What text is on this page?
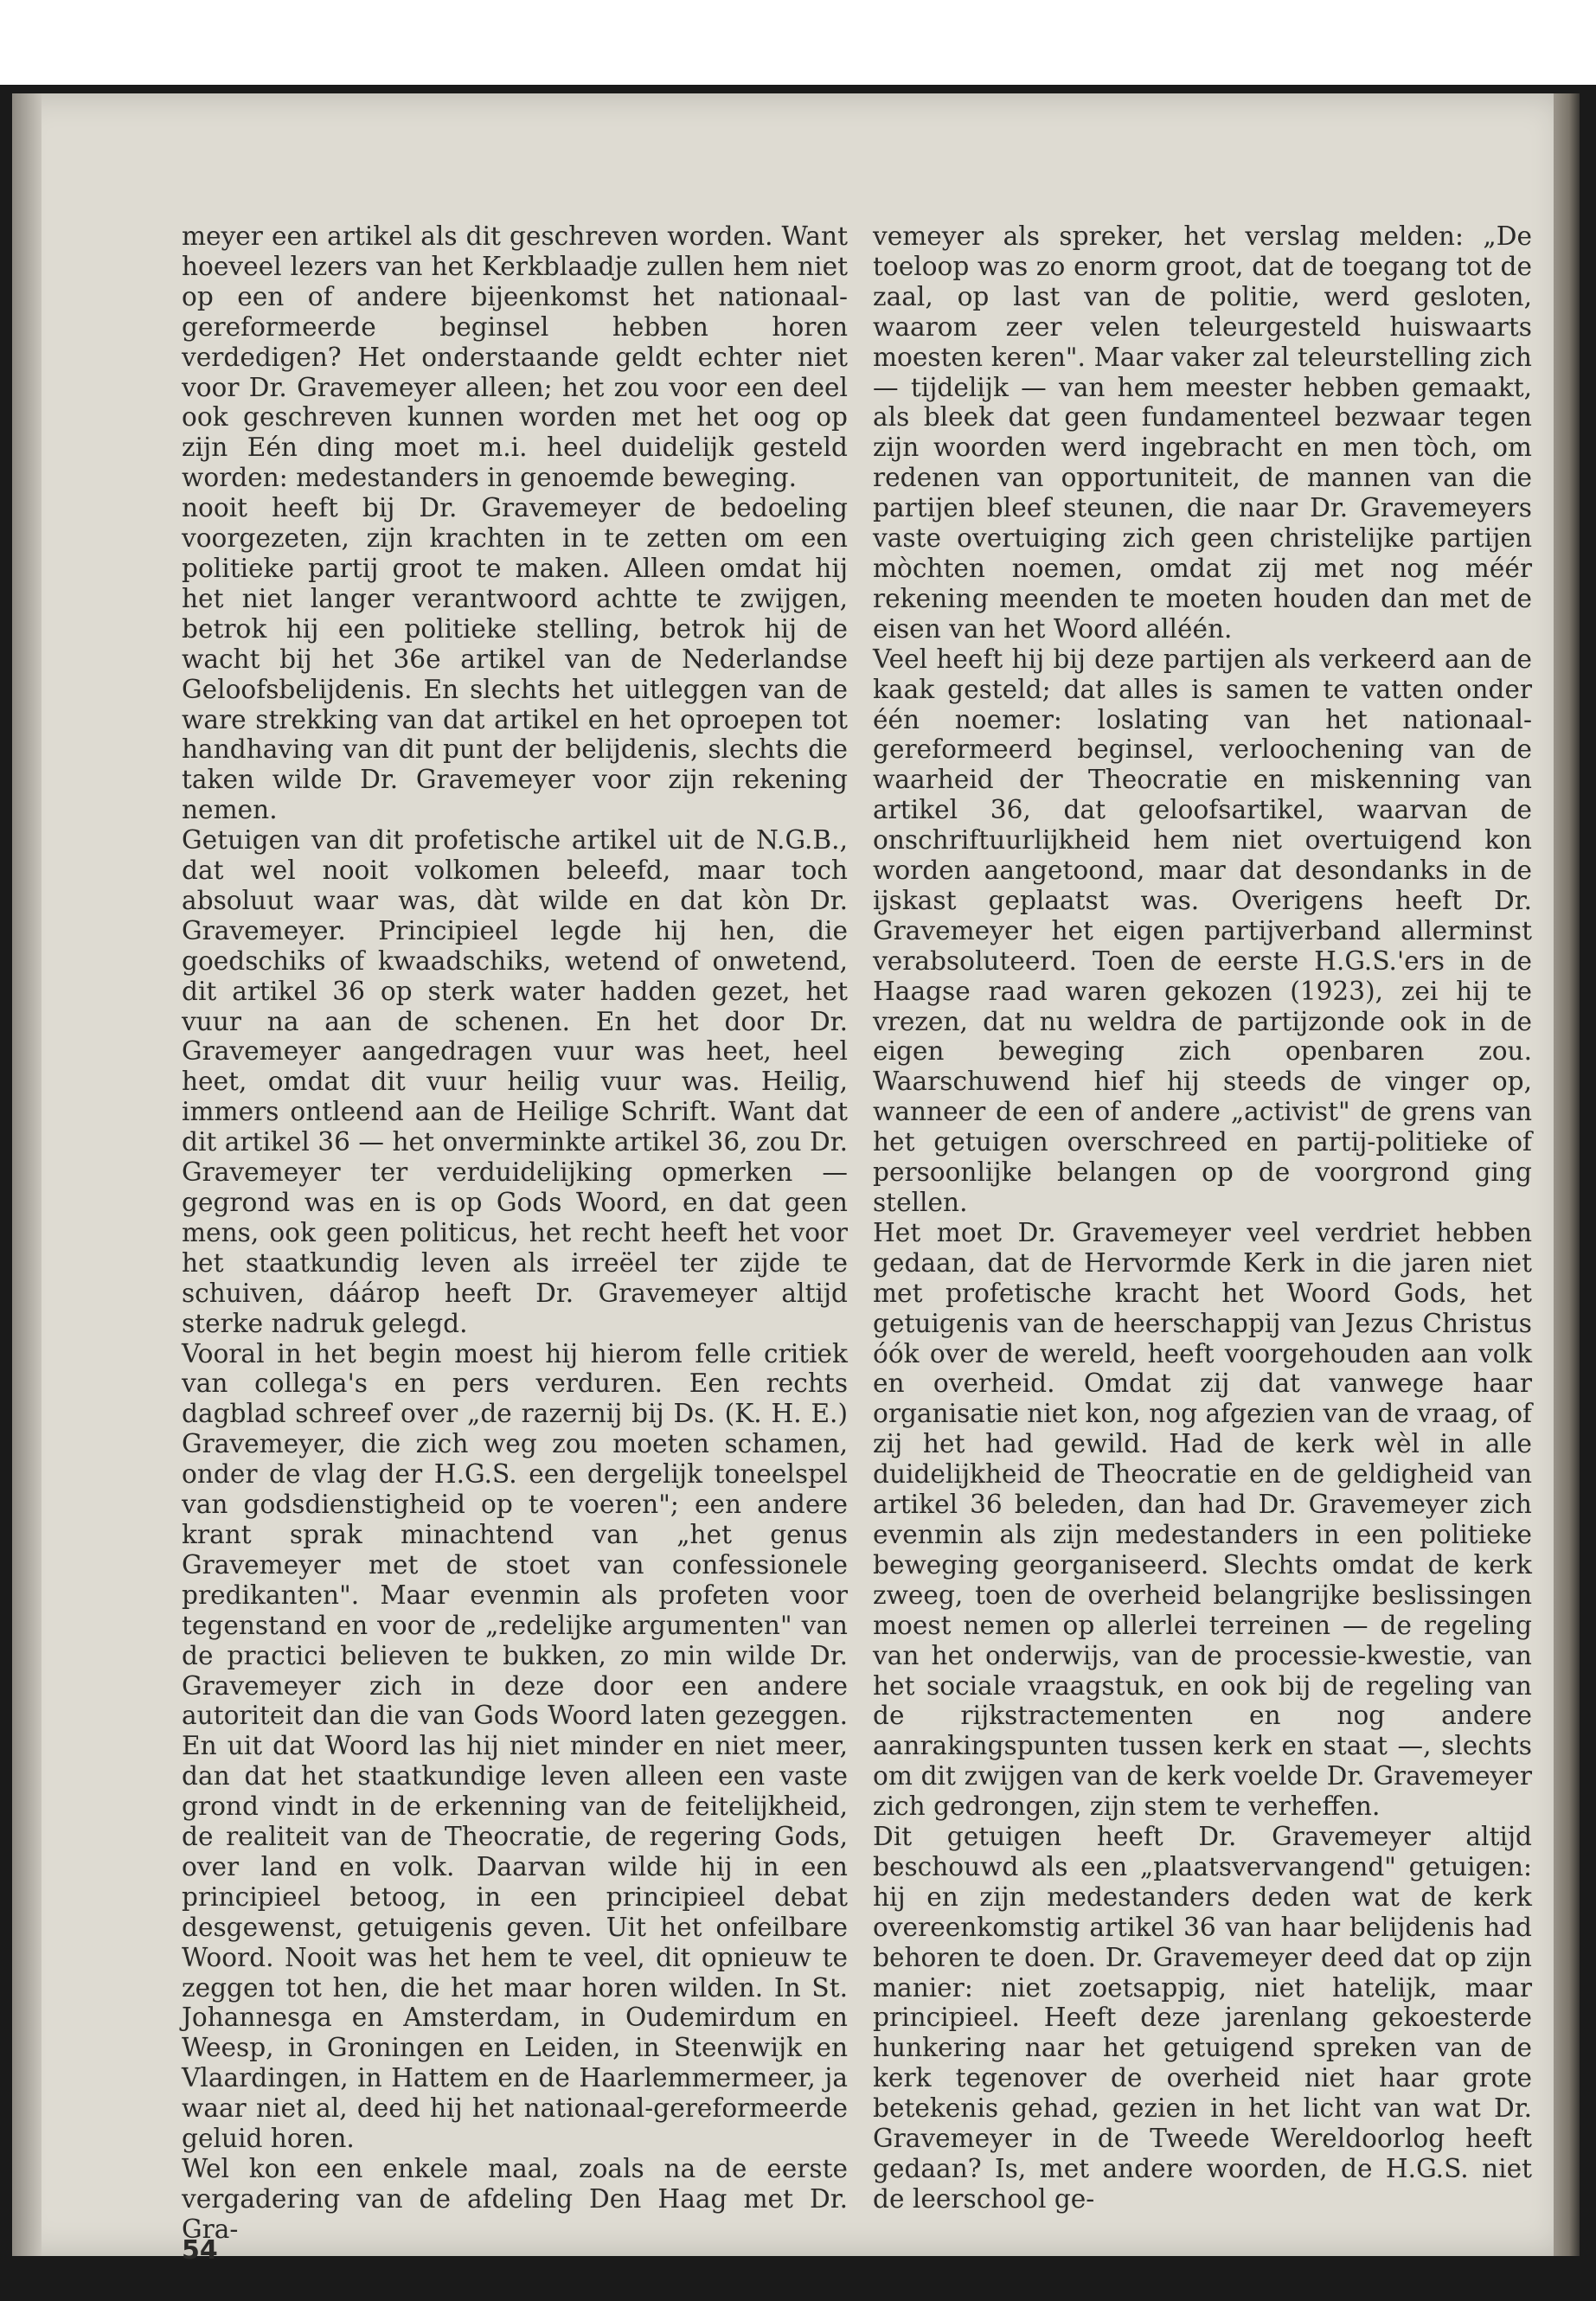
meyer een artikel als dit geschreven worden. Want hoeveel lezers van het Kerkblaadje zullen hem niet op een of andere bijeenkomst het nationaal-gereformeerde beginsel hebben horen verdedigen? Het onderstaande geldt echter niet voor Dr. Gravemeyer alleen; het zou voor een deel ook geschreven kunnen worden met het oog op zijn Eén ding moet m.i. heel duidelijk gesteld worden: medestanders in genoemde beweging.

nooit heeft bij Dr. Gravemeyer de bedoeling voorgezeten, zijn krachten in te zetten om een politieke partij groot te maken. Alleen omdat hij het niet langer verantwoord achtte te zwijgen, betrok hij een politieke stelling, betrok hij de wacht bij het 36e artikel van de Nederlandse Geloofsbelijdenis. En slechts het uitleggen van de ware strekking van dat artikel en het oproepen tot handhaving van dit punt der belijdenis, slechts die taken wilde Dr. Gravemeyer voor zijn rekening nemen.

Getuigen van dit profetische artikel uit de N.G.B., dat wel nooit volkomen beleefd, maar toch absoluut waar was, dàt wilde en dat kòn Dr. Gravemeyer. Principieel legde hij hen, die goedschiks of kwaadschiks, wetend of onwetend, dit artikel 36 op sterk water hadden gezet, het vuur na aan de schenen. En het door Dr. Gravemeyer aangedragen vuur was heet, heel heet, omdat dit vuur heilig vuur was. Heilig, immers ontleend aan de Heilige Schrift. Want dat dit artikel 36 — het onverminkte artikel 36, zou Dr. Gravemeyer ter verduidelijking opmerken — gegrond was en is op Gods Woord, en dat geen mens, ook geen politicus, het recht heeft het voor het staatkundig leven als irreëel ter zijde te schuiven, dáárop heeft Dr. Gravemeyer altijd sterke nadruk gelegd.

Vooral in het begin moest hij hierom felle critiek van collega's en pers verduren. Een rechts dagblad schreef over „de razernij bij Ds. (K. H. E.) Gravemeyer, die zich weg zou moeten schamen, onder de vlag der H.G.S. een dergelijk toneelspel van godsdienstigheid op te voeren"; een andere krant sprak minachtend van „het genus Gravemeyer met de stoet van confessionele predikanten". Maar evenmin als profeten voor tegenstand en voor de „redelijke argumenten" van de practici believen te bukken, zo min wilde Dr. Gravemeyer zich in deze door een andere autoriteit dan die van Gods Woord laten gezeggen. En uit dat Woord las hij niet minder en niet meer, dan dat het staatkundige leven alleen een vaste grond vindt in de erkenning van de feitelijkheid, de realiteit van de Theocratie, de regering Gods, over land en volk. Daarvan wilde hij in een principieel betoog, in een principieel debat desgewenst, getuigenis geven. Uit het onfeilbare Woord. Nooit was het hem te veel, dit opnieuw te zeggen tot hen, die het maar horen wilden. In St. Johannesga en Amsterdam, in Oudemirdum en Weesp, in Groningen en Leiden, in Steenwijk en Vlaardingen, in Hattem en de Haarlemmermeer, ja waar niet al, deed hij het nationaal-gereformeerde geluid horen.

Wel kon een enkele maal, zoals na de eerste vergadering van de afdeling Den Haag met Dr. Gra-

vemeyer als spreker, het verslag melden: „De toeloop was zo enorm groot, dat de toegang tot de zaal, op last van de politie, werd gesloten, waarom zeer velen teleurgesteld huiswaarts moesten keren". Maar vaker zal teleurstelling zich — tijdelijk — van hem meester hebben gemaakt, als bleek dat geen fundamenteel bezwaar tegen zijn woorden werd ingebracht en men tòch, om redenen van opportuniteit, de mannen van die partijen bleef steunen, die naar Dr. Gravemeyers vaste overtuiging zich geen christelijke partijen mòchten noemen, omdat zij met nog méér rekening meenden te moeten houden dan met de eisen van het Woord alléén.

Veel heeft hij bij deze partijen als verkeerd aan de kaak gesteld; dat alles is samen te vatten onder één noemer: loslating van het nationaal-gereformeerd beginsel, verloochening van de waarheid der Theocratie en miskenning van artikel 36, dat geloofsartikel, waarvan de onschriftuurlijkheid hem niet overtuigend kon worden aangetoond, maar dat desondanks in de ijskast geplaatst was. Overigens heeft Dr. Gravemeyer het eigen partijverband allerminst verabsoluteerd. Toen de eerste H.G.S.'ers in de Haagse raad waren gekozen (1923), zei hij te vrezen, dat nu weldra de partijzonde ook in de eigen beweging zich openbaren zou. Waarschuwend hief hij steeds de vinger op, wanneer de een of andere „activist" de grens van het getuigen overschreed en partij-politieke of persoonlijke belangen op de voorgrond ging stellen.

Het moet Dr. Gravemeyer veel verdriet hebben gedaan, dat de Hervormde Kerk in die jaren niet met profetische kracht het Woord Gods, het getuigenis van de heerschappij van Jezus Christus óók over de wereld, heeft voorgehouden aan volk en overheid. Omdat zij dat vanwege haar organisatie niet kon, nog afgezien van de vraag, of zij het had gewild. Had de kerk wèl in alle duidelijkheid de Theocratie en de geldigheid van artikel 36 beleden, dan had Dr. Gravemeyer zich evenmin als zijn medestanders in een politieke beweging georganiseerd. Slechts omdat de kerk zweeg, toen de overheid belangrijke beslissingen moest nemen op allerlei terreinen — de regeling van het onderwijs, van de processie-kwestie, van het sociale vraagstuk, en ook bij de regeling van de rijkstractementen en nog andere aanrakingspunten tussen kerk en staat —, slechts om dit zwijgen van de kerk voelde Dr. Gravemeyer zich gedrongen, zijn stem te verheffen.

Dit getuigen heeft Dr. Gravemeyer altijd beschouwd als een „plaatsvervangend" getuigen: hij en zijn medestanders deden wat de kerk overeenkomstig artikel 36 van haar belijdenis had behoren te doen. Dr. Gravemeyer deed dat op zijn manier: niet zoetsappig, niet hatelijk, maar principieel. Heeft deze jarenlang gekoesterde hunkering naar het getuigend spreken van de kerk tegenover de overheid niet haar grote betekenis gehad, gezien in het licht van wat Dr. Gravemeyer in de Tweede Wereldoorlog heeft gedaan? Is, met andere woorden, de H.G.S. niet de leerschool ge-

54
